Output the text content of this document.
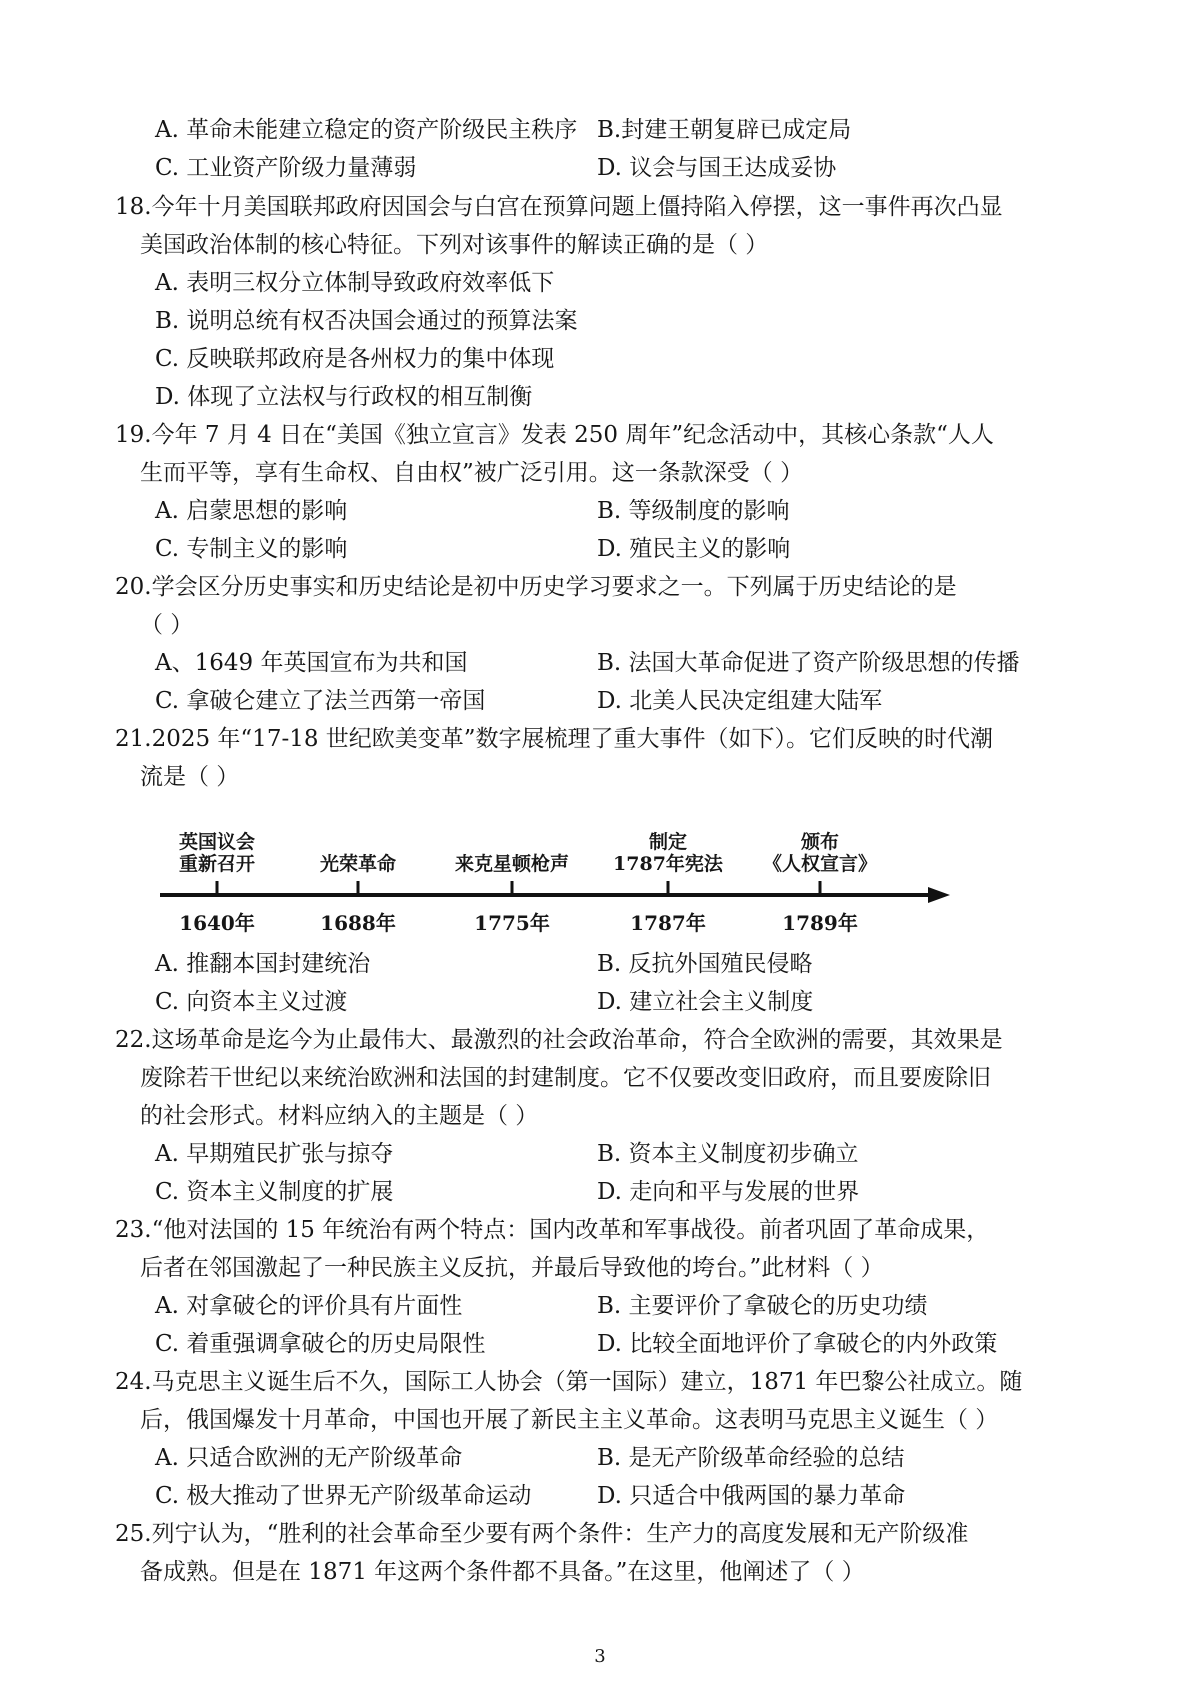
A. 革命未能建立稳定的资产阶级民主秩序 B.封建王朝复辟已成定局
C. 工业资产阶级力量薄弱	D. 议会与国王达成妥协
18.今年十月美国联邦政府因国会与白宫在预算问题上僵持陷入停摆，这一事件再次凸显
美国政治体制的核心特征。下列对该事件的解读正确的是（ ）
A. 表明三权分立体制导致政府效率低下
B. 说明总统有权否决国会通过的预算法案
C. 反映联邦政府是各州权力的集中体现
D. 体现了立法权与行政权的相互制衡
19.今年 7 月 4 日在“美国《独立宣言》发表 250 周年”纪念活动中，其核心条款“人人
生而平等，享有生命权、自由权”被广泛引用。这一条款深受（ ）
A. 启蒙思想的影响	B. 等级制度的影响
C. 专制主义的影响	D. 殖民主义的影响
20.学会区分历史事实和历史结论是初中历史学习要求之一。下列属于历史结论的是
（ ）
A、1649 年英国宣布为共和国	B. 法国大革命促进了资产阶级思想的传播
C. 拿破仑建立了法兰西第一帝国	D. 北美人民决定组建大陆军
21.2025 年“17-18 世纪欧美变革”数字展梳理了重大事件（如下）。它们反映的时代潮
流是（ ）
A. 推翻本国封建统治	B. 反抗外国殖民侵略
C. 向资本主义过渡	D. 建立社会主义制度
22.这场革命是迄今为止最伟大、最激烈的社会政治革命，符合全欧洲的需要，其效果是
废除若干世纪以来统治欧洲和法国的封建制度。它不仅要改变旧政府，而且要废除旧
的社会形式。材料应纳入的主题是（ ）
A. 早期殖民扩张与掠夺	B. 资本主义制度初步确立
C. 资本主义制度的扩展	D. 走向和平与发展的世界
23.“他对法国的 15 年统治有两个特点：国内改革和军事战役。前者巩固了革命成果，
后者在邻国激起了一种民族主义反抗，并最后导致他的垮台。”此材料（ ）
A. 对拿破仑的评价具有片面性	B. 主要评价了拿破仑的历史功绩
C. 着重强调拿破仑的历史局限性	D. 比较全面地评价了拿破仑的内外政策
24.马克思主义诞生后不久，国际工人协会（第一国际）建立，1871 年巴黎公社成立。随
后，俄国爆发十月革命，中国也开展了新民主主义革命。这表明马克思主义诞生（ ）
A. 只适合欧洲的无产阶级革命	B. 是无产阶级革命经验的总结
C. 极大推动了世界无产阶级革命运动	D. 只适合中俄两国的暴力革命
25.列宁认为，“胜利的社会革命至少要有两个条件：生产力的高度发展和无产阶级准
备成熟。但是在 1871 年这两个条件都不具备。”在这里，他阐述了（ ）
英国议会
重新召开
1640年
光荣革命
1688年
来克星顿枪声
1775年
制定
1787年宪法
1787年
颁布
《人权宣言》
1789年
3
